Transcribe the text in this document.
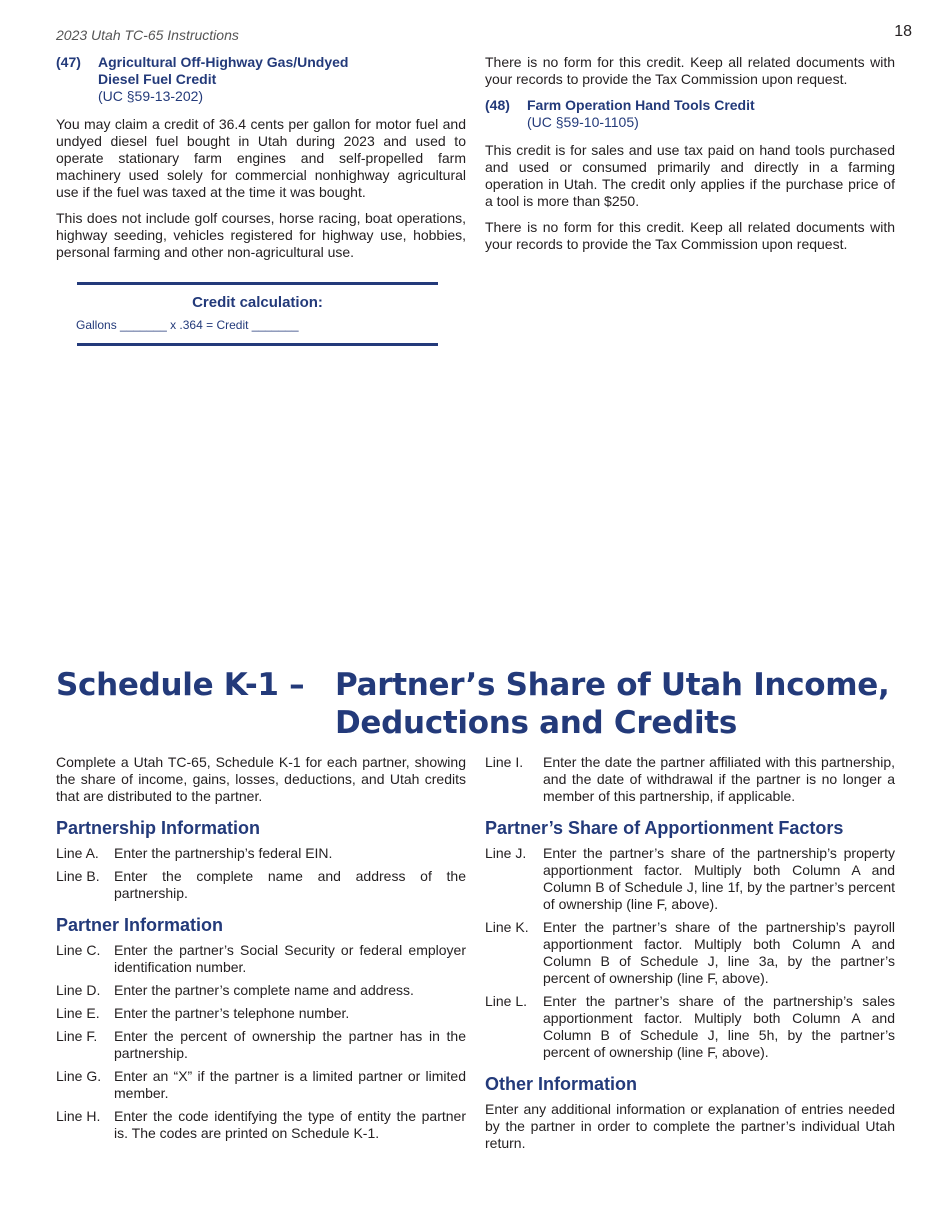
2023 Utah TC-65 Instructions	18
(47)	Agricultural Off-Highway Gas/Undyed
Diesel Fuel Credit
(UC §59-13-202)

You may claim a credit of 36.4 cents per gallon for motor fuel and undyed diesel fuel bought in Utah during 2023 and used to operate stationary farm engines and self-propelled farm machinery used solely for commercial nonhighway agricultural use if the fuel was taxed at the time it was bought.

This does not include golf courses, horse racing, boat operations, highway seeding, vehicles registered for highway use, hobbies, personal farming and other non-agricultural use.

Credit calculation:
Gallons _______ x .364 = Credit _______

There is no form for this credit. Keep all related documents with your records to provide the Tax Commission upon request.

(48)	Farm Operation Hand Tools Credit
(UC §59-10-1105)

This credit is for sales and use tax paid on hand tools purchased and used or consumed primarily and directly in a farming operation in Utah. The credit only applies if the purchase price of a tool is more than $250.

There is no form for this credit. Keep all related documents with your records to provide the Tax Commission upon request.

Schedule K-1 – Partner’s Share of Utah Income,
Deductions and Credits

Complete a Utah TC-65, Schedule K-1 for each partner, showing the share of income, gains, losses, deductions, and Utah credits that are distributed to the partner.

Partnership Information
Line A.	Enter the partnership’s federal EIN.
Line B.	Enter the complete name and address of the partnership.
Partner Information
Line C. Enter the partner’s Social Security or federal employer identification number.
Line D. Enter the partner’s complete name and address.
Line E.	Enter the partner’s telephone number.
Line F.	Enter the percent of ownership the partner has in the partnership.
Line G. Enter an “X” if the partner is a limited partner or limited member.
Line H. Enter the code identifying the type of entity the partner is. The codes are printed on Schedule K-1.
Line I.	Enter the date the partner affiliated with this partnership, and the date of withdrawal if the partner is no longer a member of this partnership, if applicable.
Partner’s Share of Apportionment Factors
Line J.	Enter the partner’s share of the partnership’s property apportionment factor. Multiply both Column A and Column B of Schedule J, line 1f, by the partner’s percent of ownership (line F, above).
Line K.	Enter the partner’s share of the partnership’s payroll apportionment factor. Multiply both Column A and Column B of Schedule J, line 3a, by the partner’s percent of ownership (line F, above).
Line L.	Enter the partner’s share of the partnership’s sales apportionment factor. Multiply both Column A and Column B of Schedule J, line 5h, by the partner’s percent of ownership (line F, above).
Other Information

Enter any additional information or explanation of entries needed by the partner in order to complete the partner’s individual Utah return.
